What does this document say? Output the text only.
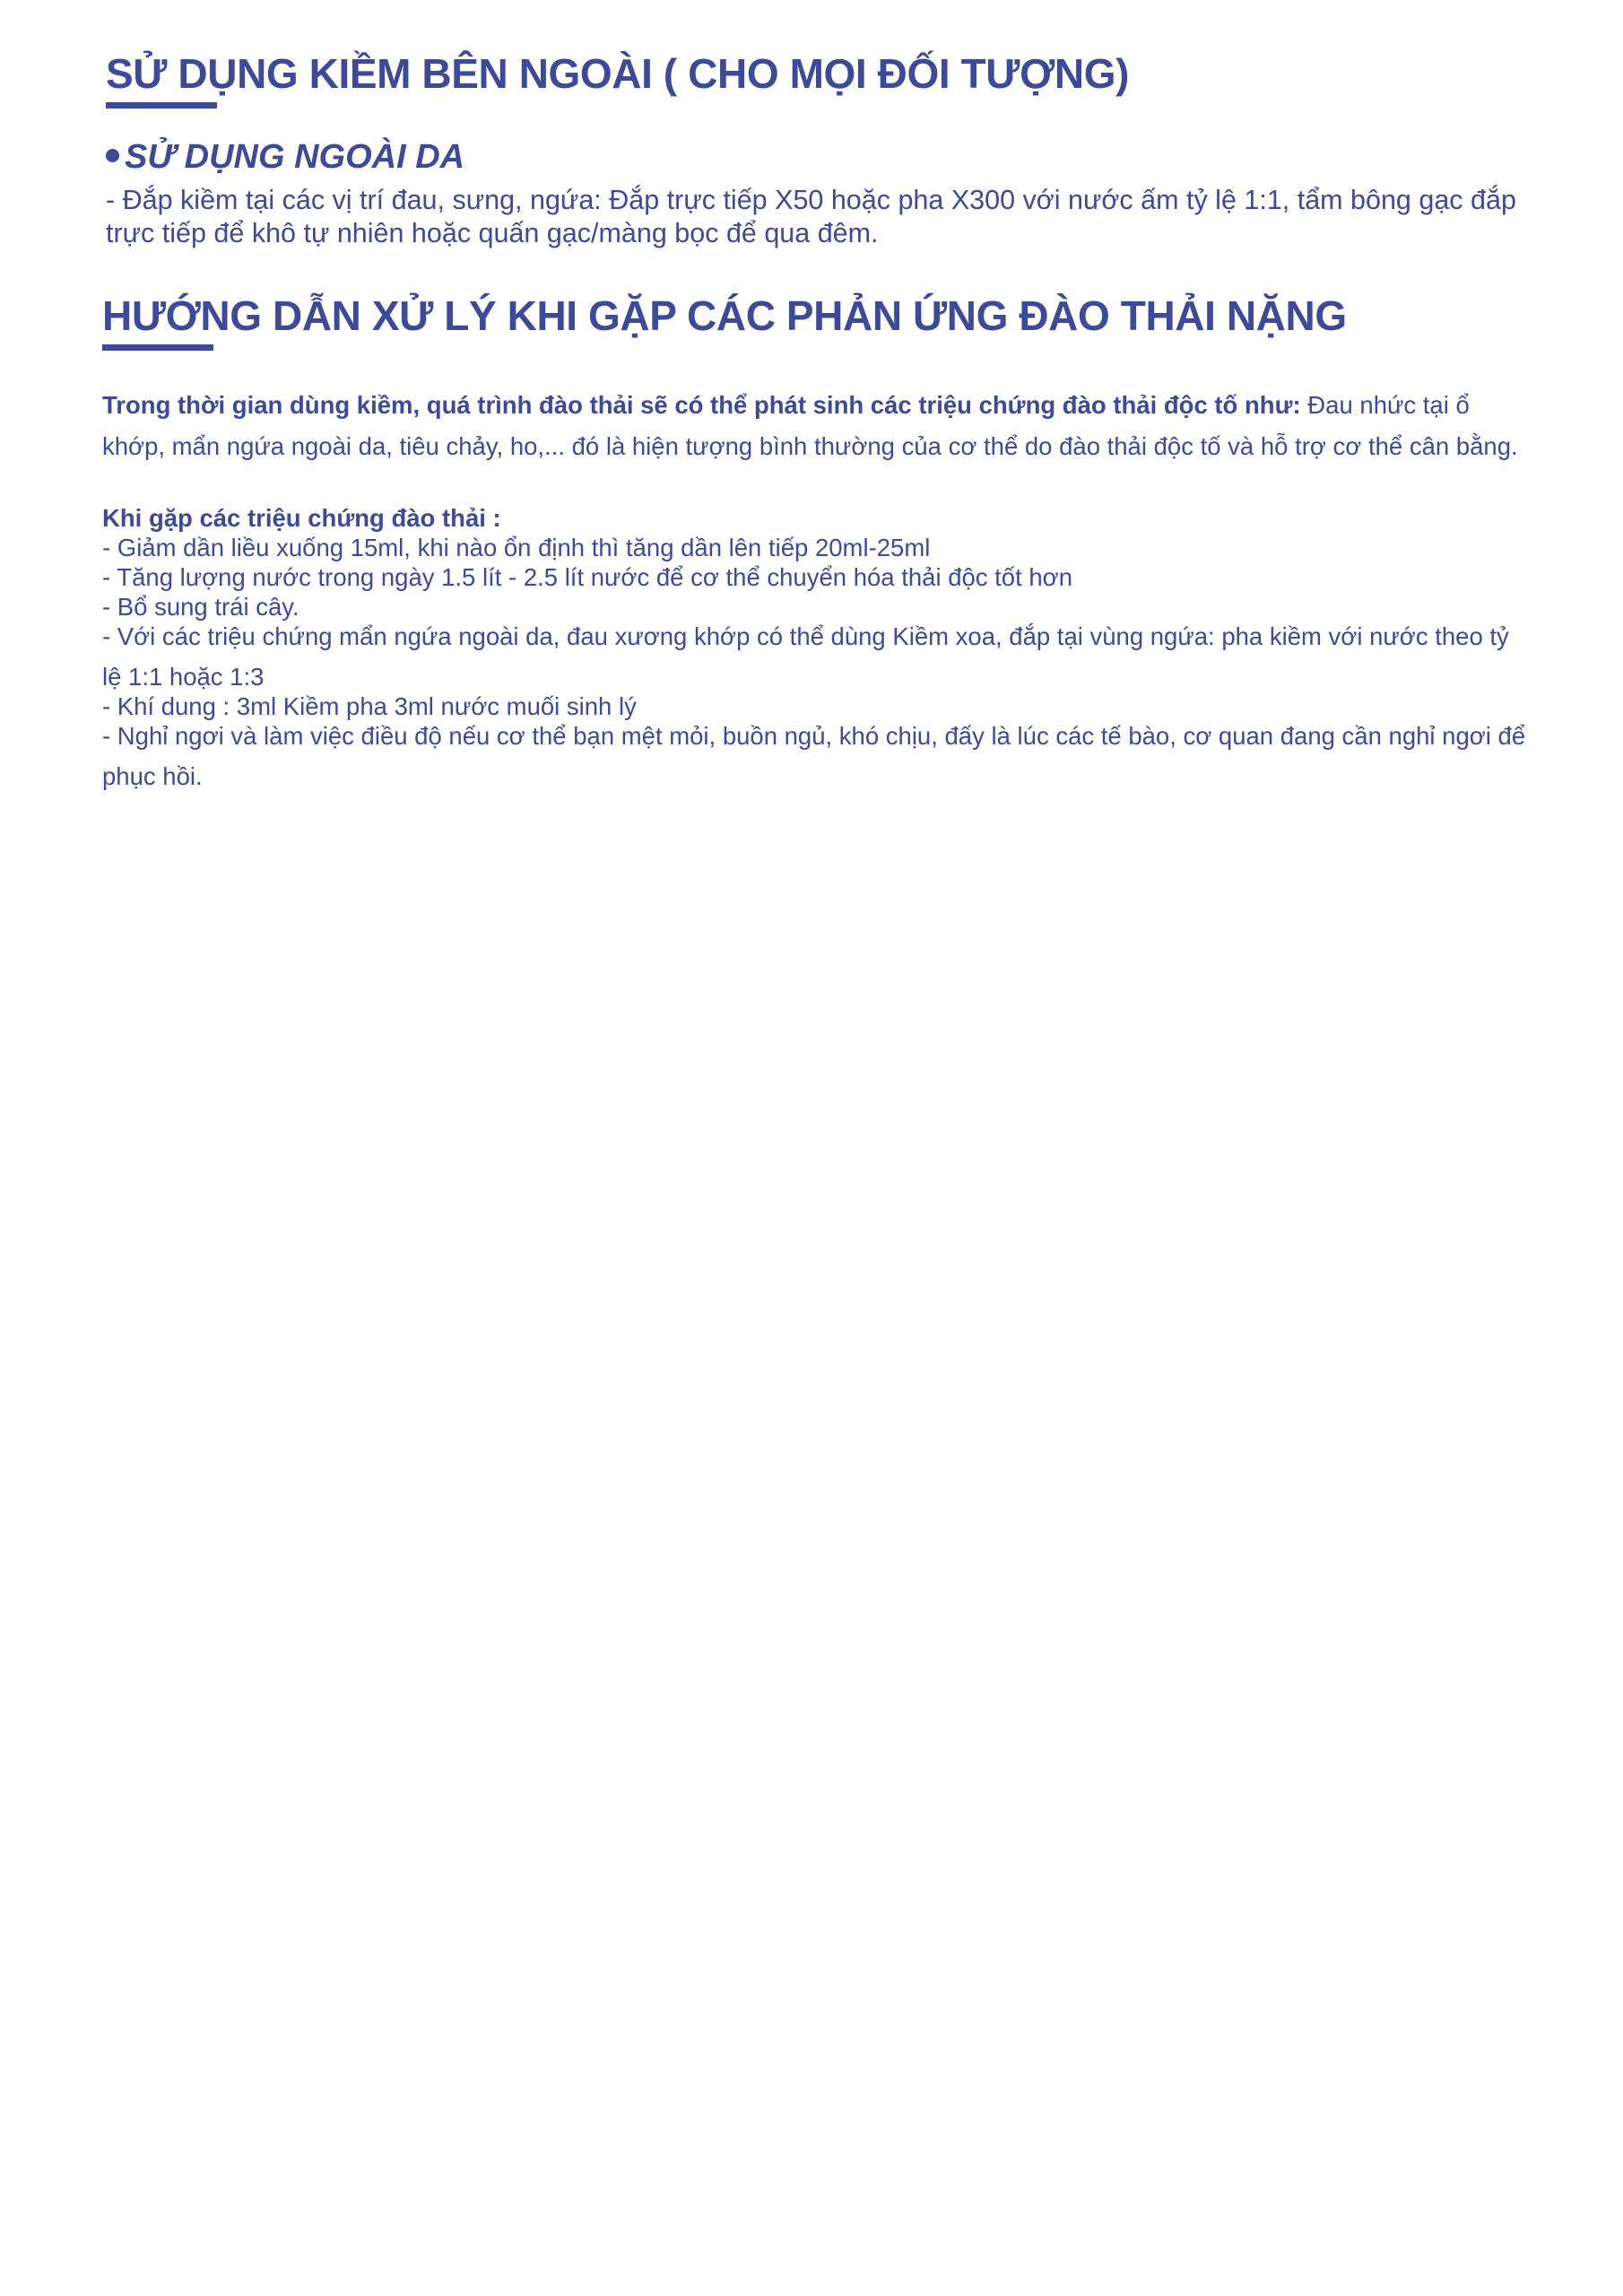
SỬ DỤNG KIỀM BÊN NGOÀI ( CHO MỌI ĐỐI TƯỢNG)
SỬ DỤNG NGOÀI DA

- Đắp kiềm tại các vị trí đau, sưng, ngứa: Đắp trực tiếp X50 hoặc pha X300 với nước ấm tỷ lệ 1:1, tẩm bông gạc đắp trực tiếp để khô tự nhiên hoặc quấn gạc/màng bọc để qua đêm.

HƯỚNG DẪN XỬ LÝ KHI GẶP CÁC PHẢN ỨNG ĐÀO THẢI NẶNG

Trong thời gian dùng kiềm, quá trình đào thải sẽ có thể phát sinh các triệu chứng đào thải độc tố như: Đau nhức tại ổ khớp, mẩn ngứa ngoài da, tiêu chảy, ho,... đó là hiện tượng bình thường của cơ thể do đào thải độc tố và hỗ trợ cơ thể cân bằng.

Khi gặp các triệu chứng đào thải :
- Giảm dần liều xuống 15ml, khi nào ổn định thì tăng dần lên tiếp 20ml-25ml
- Tăng lượng nước trong ngày 1.5 lít - 2.5 lít nước để cơ thể chuyển hóa thải độc tốt hơn
- Bổ sung trái cây.
- Với các triệu chứng mẩn ngứa ngoài da, đau xương khớp có thể dùng Kiềm xoa, đắp tại vùng ngứa: pha kiềm với nước theo tỷ lệ 1:1 hoặc 1:3
- Khí dung : 3ml Kiềm pha 3ml nước muối sinh lý
- Nghỉ ngơi và làm việc điều độ nếu cơ thể bạn mệt mỏi, buồn ngủ, khó chịu, đấy là lúc các tế bào, cơ quan đang cần nghỉ ngơi để phục hồi.
